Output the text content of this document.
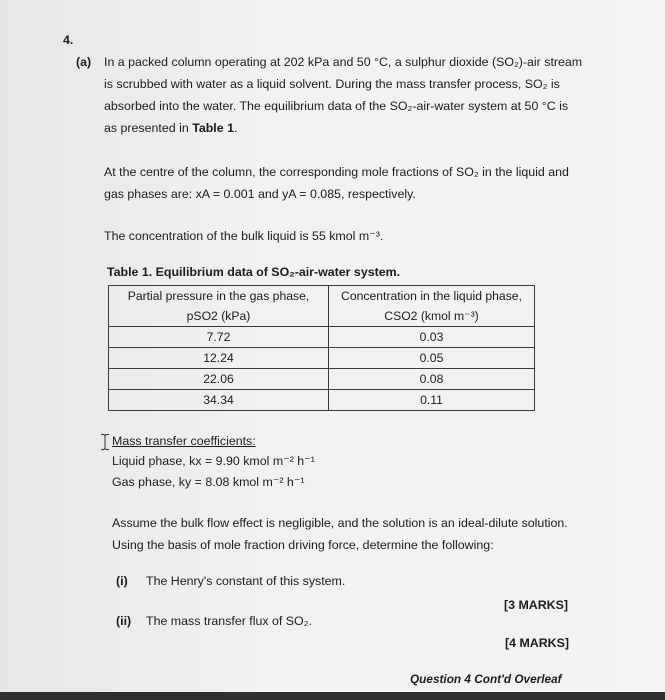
4.
(a) In a packed column operating at 202 kPa and 50 °C, a sulphur dioxide (SO₂)-air stream
is scrubbed with water as a liquid solvent. During the mass transfer process, SO₂ is
absorbed into the water. The equilibrium data of the SO₂-air-water system at 50 °C is
as presented in Table 1.
At the centre of the column, the corresponding mole fractions of SO₂ in the liquid and
gas phases are: xA = 0.001 and yA = 0.085, respectively.
The concentration of the bulk liquid is 55 kmol m⁻³.
Table 1. Equilibrium data of SO₂-air-water system.
Partial pressure in the gas phase,	Concentration in the liquid phase,
pSO2 (kPa)	CSO2 (kmol m⁻³)
7.72	0.03
12.24	0.05
22.06	0.08
34.34	0.11
Mass transfer coefficients:
Liquid phase, kx = 9.90 kmol m⁻² h⁻¹
Gas phase, ky = 8.08 kmol m⁻² h⁻¹
Assume the bulk flow effect is negligible, and the solution is an ideal-dilute solution.
Using the basis of mole fraction driving force, determine the following:
(i) The Henry's constant of this system.
[3 MARKS]
(ii) The mass transfer flux of SO₂.
[4 MARKS]
Question 4 Cont'd Overleaf
